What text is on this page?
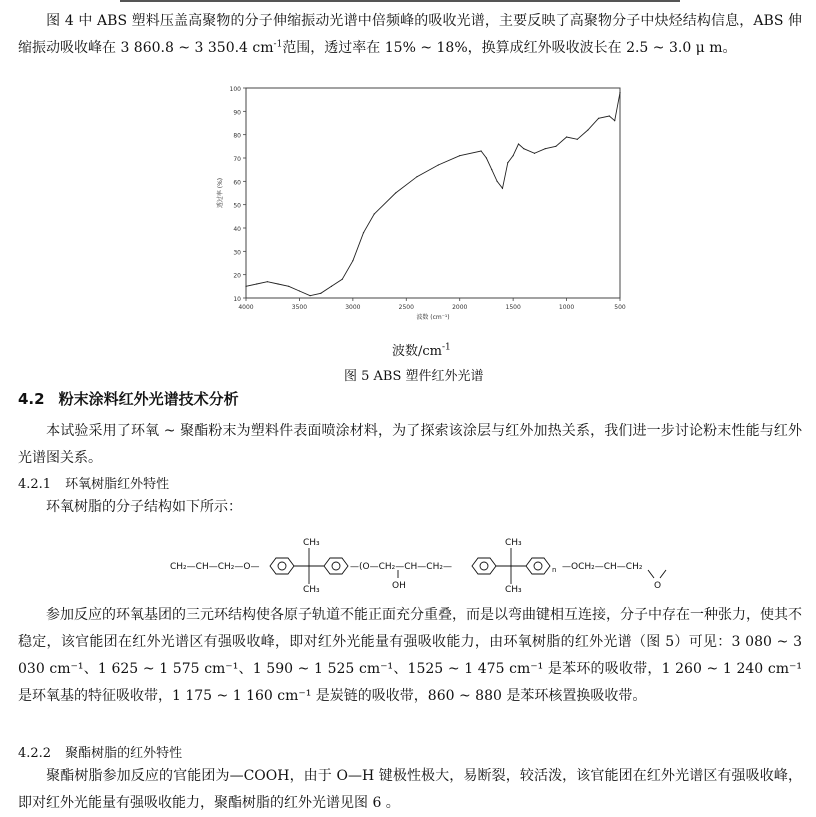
图 4 中 ABS 塑料压盖高聚物的分子伸缩振动光谱中倍频峰的吸收光谱，主要反映了高聚物分子中炔烃结构信息，ABS 伸缩振动吸收峰在 3 860.8 ~ 3 350.4 $cm^{-1}$范围，透过率在 15% ~ 18%，换算成红外吸收波长在 2.5 ~ 3.0 μ m。
100
90
80
70
60
50
40
30
20
10
4000	3500	3000	2500	2000	1500	1000	500
透过率 (%)
波数 (cm⁻¹)
波数$/cm^{-1}$
图 5 ABS 塑件红外光谱
4.2 粉末涂料红外光谱技术分析
本试验采用了环氧 ~ 聚酯粉末为塑料件表面喷涂材料，为了探索该涂层与红外加热关系，我们进一步讨论粉末性能与红外光谱图关系。
4.2.1 环氧树脂红外特性
环氧树脂的分子结构如下所示：
CH₂—CH—CH₂—O—
CH₃
CH₃
—(O—CH₂—CH—CH₂—
OH
CH₃
CH₃
n —OCH₂—CH—CH₂
O
参加反应的环氧基团的三元环结构使各原子轨道不能正面充分重叠，而是以弯曲键相互连接，分子中存在一种张力，使其不稳定，该官能团在红外光谱区有强吸收峰，即对红外光能量有强吸收能力，由环氧树脂的红外光谱（图 5）可见：3 080 ~ 3 030 cm⁻¹、1 625 ~ 1 575 cm⁻¹、1 590 ~ 1 525 cm⁻¹、1525 ~ 1 475 cm⁻¹ 是苯环的吸收带，1 260 ~ 1 240 cm⁻¹ 是环氧基的特征吸收带，1 175 ~ 1 160 cm⁻¹ 是炭链的吸收带，860 ~ 880 是苯环核置换吸收带。
4.2.2 聚酯树脂的红外特性
聚酯树脂参加反应的官能团为—COOH，由于 O—H 键极性极大，易断裂，较活泼，该官能团在红外光谱区有强吸收峰，即对红外光能量有强吸收能力，聚酯树脂的红外光谱见图 6 。
